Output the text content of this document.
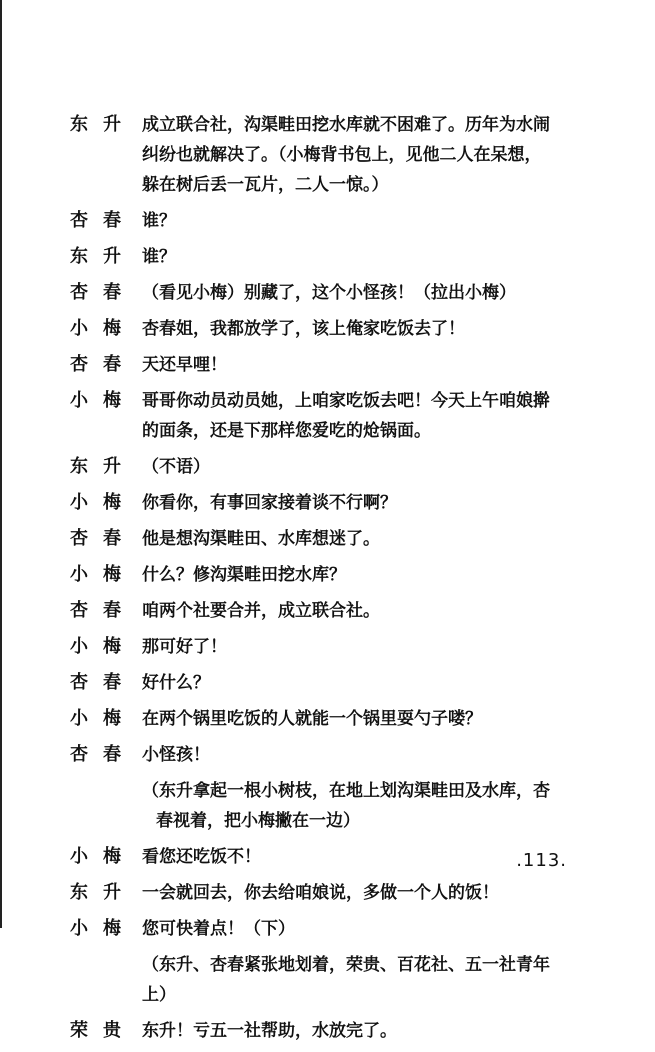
东升 成立联合社，沟渠畦田挖水库就不困难了。历年为水闹
纠纷也就解决了。（小梅背书包上，见他二人在呆想，
躲在树后丢一瓦片，二人一惊。）
杏春 谁？
东升 谁？
杏春 （看见小梅）别藏了，这个小怪孩！（拉出小梅）
小梅 杏春姐，我都放学了，该上俺家吃饭去了！
杏春 天还早哩！
小梅 哥哥你动员动员她，上咱家吃饭去吧！今天上午咱娘擀
的面条，还是下那样您爱吃的炝锅面。
东升 （不语）
小梅 你看你，有事回家接着谈不行啊？
杏春 他是想沟渠畦田、水库想迷了。
小梅 什么？修沟渠畦田挖水库？
杏春 咱两个社要合并，成立联合社。
小梅 那可好了！
杏春 好什么？
小梅 在两个锅里吃饭的人就能一个锅里耍勺子喽？
杏春 小怪孩！
（东升拿起一根小树枝，在地上划沟渠畦田及水库，杏
春视着，把小梅撇在一边）
小梅 看您还吃饭不！
东升 一会就回去，你去给咱娘说，多做一个人的饭！
小梅 您可快着点！（下）
（东升、杏春紧张地划着，荣贵、百花社、五一社青年
上）
荣贵 东升！亏五一社帮助，水放完了。
.113.
